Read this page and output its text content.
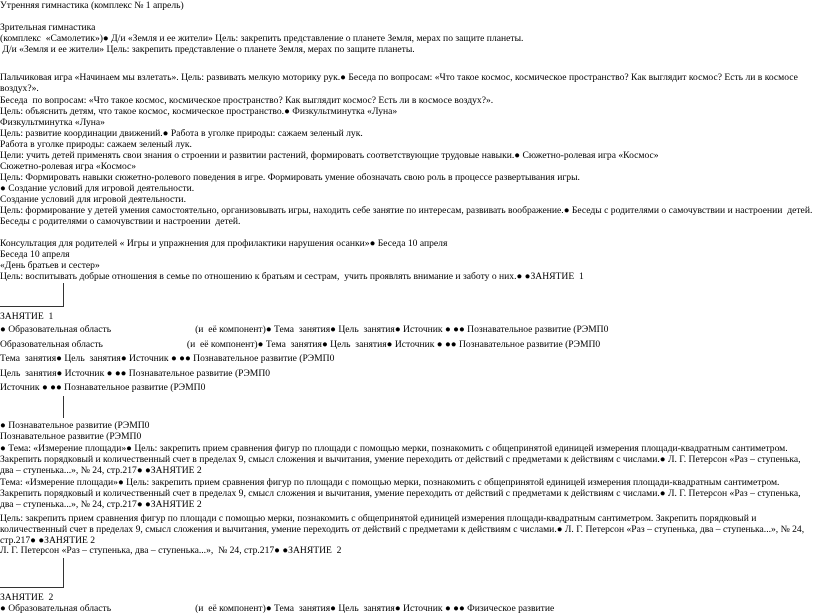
Утренняя гимнастика (комплекс № 1 апрель)
Зрительная гимнастика
(комплекс  «Самолетик»)● Д/и «Земля и ее жители» Цель: закрепить представление о планете Земля, мерах по защите планеты.
Д/и «Земля и ее жители» Цель: закрепить представление о планете Земля, мерах по защите планеты.
Пальчиковая игра «Начинаем мы взлетать». Цель: развивать мелкую моторику рук.● Беседа по вопросам: «Что такое космос, космическое пространство? Как выглядит космос? Есть ли в космосе воздух?».
Беседа  по вопросам: «Что такое космос, космическое пространство? Как выглядит космос? Есть ли в космосе воздух?».
Цель: объяснить детям, что такое космос, космическое пространство.● Физкультминутка «Луна»
Физкультминутка «Луна»
Цель: развитие координации движений.● Работа в уголке природы: сажаем зеленый лук.
Работа в уголке природы: сажаем зеленый лук.
Цели: учить детей применять свои знания о строении и развитии растений, формировать соответствующие трудовые навыки.● Сюжетно-ролевая игра «Космос»
Сюжетно-ролевая игра «Космос»
Цель: Формировать навыки сюжетно-ролевого поведения в игре. Формировать умение обозначать свою роль в процессе развертывания игры.
● Создание условий для игровой деятельности.
Создание условий для игровой деятельности.
Цель: формирование у детей умения самостоятельно, организовывать игры, находить себе занятие по интересам, развивать воображение.● Беседы с родителями о самочувствии и настроении  детей.
Беседы с родителями о самочувствии и настроении  детей.
Консультация для родителей « Игры и упражнения для профилактики нарушения осанки»● Беседа 10 апреля
Беседа 10 апреля
«День братьев и сестер»
Цель: воспитывать добрые отношения в семье по отношению к братьям и сестрам,  учить проявлять внимание и заботу о них.● ●ЗАНЯТИЕ  1
ЗАНЯТИЕ  1
● Образовательная область                                   (и  её компонент)● Тема  занятия● Цель  занятия● Источник ● ●● Познавательное развитие (РЭМП0
Образовательная область                                   (и  её компонент)● Тема  занятия● Цель  занятия● Источник ● ●● Познавательное развитие (РЭМП0
Тема  занятия● Цель  занятия● Источник ● ●● Познавательное развитие (РЭМП0
Цель  занятия● Источник ● ●● Познавательное развитие (РЭМП0
Источник ● ●● Познавательное развитие (РЭМП0
● Познавательное развитие (РЭМП0
Познавательное развитие (РЭМП0
● Тема: «Измерение площади»● Цель: закрепить прием сравнения фигур по площади с помощью мерки, познакомить с общепринятой единицей измерения площади-квадратным сантиметром. Закрепить порядковый и количественный счет в пределах 9, смысл сложения и вычитания, умение переходить от действий с предметами к действиям с числами.● Л. Г. Петерсон «Раз – ступенька, два – ступенька...», № 24, стр.217● ●ЗАНЯТИЕ 2
Тема: «Измерение площади»● Цель: закрепить прием сравнения фигур по площади с помощью мерки, познакомить с общепринятой единицей измерения площади-квадратным сантиметром. Закрепить порядковый и количественный счет в пределах 9, смысл сложения и вычитания, умение переходить от действий с предметами к действиям с числами.● Л. Г. Петерсон «Раз – ступенька, два – ступенька...», № 24, стр.217● ●ЗАНЯТИЕ 2
Цель: закрепить прием сравнения фигур по площади с помощью мерки, познакомить с общепринятой единицей измерения площади-квадратным сантиметром. Закрепить порядковый и количественный счет в пределах 9, смысл сложения и вычитания, умение переходить от действий с предметами к действиям с числами.● Л. Г. Петерсон «Раз – ступенька, два – ступенька...», № 24, стр.217● ●ЗАНЯТИЕ 2
Л. Г. Петерсон «Раз – ступенька, два – ступенька...»,  № 24, стр.217● ●ЗАНЯТИЕ  2
ЗАНЯТИЕ  2
● Образовательная область                                   (и  её компонент)● Тема  занятия● Цель  занятия● Источник ● ●● Физическое развитие
